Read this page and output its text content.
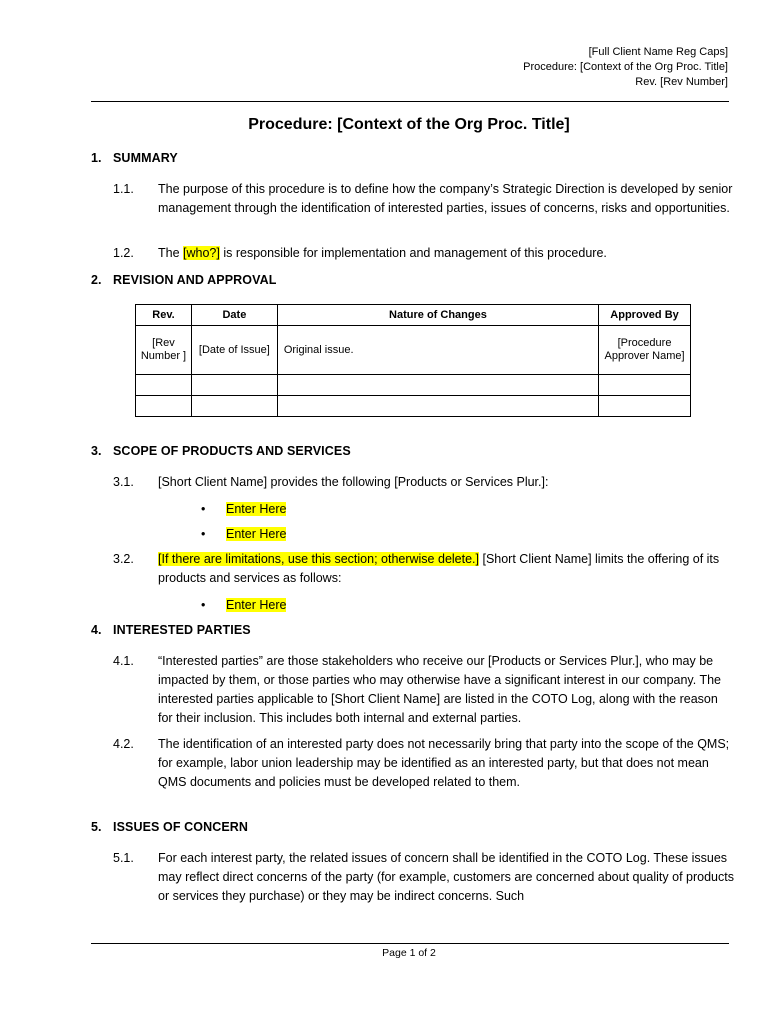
[Full Client Name Reg Caps]
Procedure: [Context of the Org Proc. Title]
Rev. [Rev Number]
Procedure: [Context of the Org Proc. Title]
1. SUMMARY
1.1. The purpose of this procedure is to define how the company’s Strategic Direction is developed by senior management through the identification of interested parties, issues of concerns, risks and opportunities.
1.2. The [who?] is responsible for implementation and management of this procedure.
2. REVISION AND APPROVAL
Rev.	Date	Nature of Changes	Approved By
[Rev Number ]	[Date of Issue]	Original issue.	[Procedure Approver Name]

3. SCOPE OF PRODUCTS AND SERVICES
3.1. [Short Client Name] provides the following [Products or Services Plur.]:
• Enter Here
• Enter Here
3.2. [If there are limitations, use this section; otherwise delete.] [Short Client Name] limits the offering of its products and services as follows:
• Enter Here
4. INTERESTED PARTIES
4.1. “Interested parties” are those stakeholders who receive our [Products or Services Plur.], who may be impacted by them, or those parties who may otherwise have a significant interest in our company. The interested parties applicable to [Short Client Name] are listed in the COTO Log, along with the reason for their inclusion. This includes both internal and external parties.
4.2. The identification of an interested party does not necessarily bring that party into the scope of the QMS; for example, labor union leadership may be identified as an interested party, but that does not mean QMS documents and policies must be developed related to them.
5. ISSUES OF CONCERN
5.1. For each interest party, the related issues of concern shall be identified in the COTO Log. These issues may reflect direct concerns of the party (for example, customers are concerned about quality of products or services they purchase) or they may be indirect concerns. Such
Page 1 of 2
